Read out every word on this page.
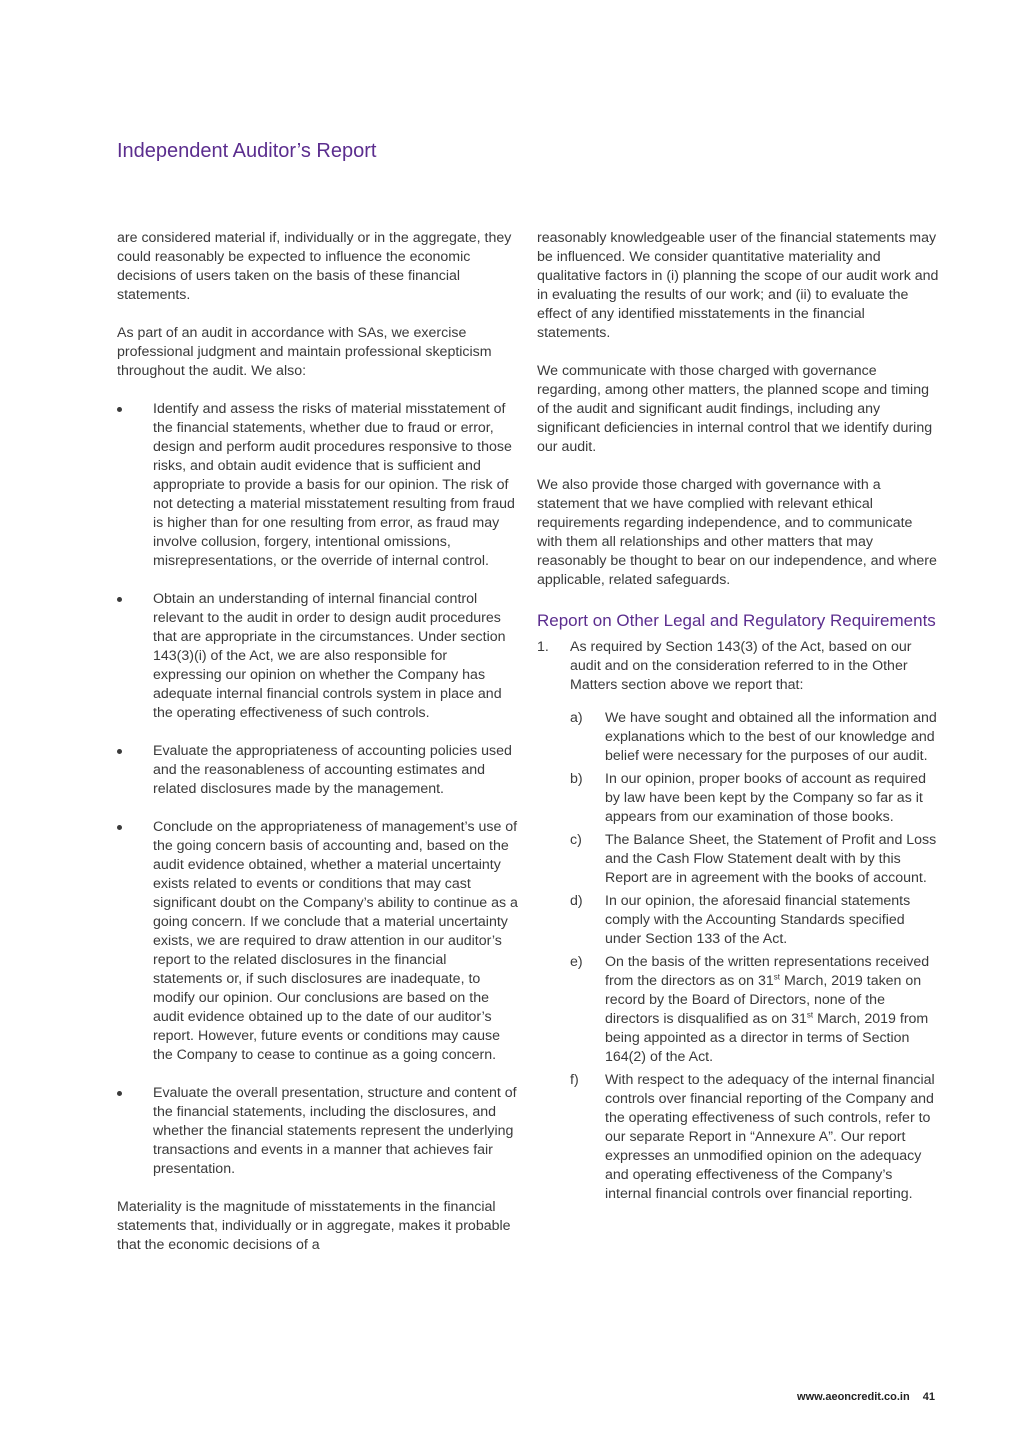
Independent Auditor’s Report

are considered material if, individually or in the aggregate, they could reasonably be expected to influence the economic decisions of users taken on the basis of these financial statements.

As part of an audit in accordance with SAs, we exercise professional judgment and maintain professional skepticism throughout the audit. We also:

Identify and assess the risks of material misstatement of the financial statements, whether due to fraud or error, design and perform audit procedures responsive to those risks, and obtain audit evidence that is sufficient and appropriate to provide a basis for our opinion. The risk of not detecting a material misstatement resulting from fraud is higher than for one resulting from error, as fraud may involve collusion, forgery, intentional omissions, misrepresentations, or the override of internal control.
Obtain an understanding of internal financial control relevant to the audit in order to design audit procedures that are appropriate in the circumstances. Under section 143(3)(i) of the Act, we are also responsible for expressing our opinion on whether the Company has adequate internal financial controls system in place and the operating effectiveness of such controls.
Evaluate the appropriateness of accounting policies used and the reasonableness of accounting estimates and related disclosures made by the management.
Conclude on the appropriateness of management’s use of the going concern basis of accounting and, based on the audit evidence obtained, whether a material uncertainty exists related to events or conditions that may cast significant doubt on the Company’s ability to continue as a going concern. If we conclude that a material uncertainty exists, we are required to draw attention in our auditor’s report to the related disclosures in the financial statements or, if such disclosures are inadequate, to modify our opinion. Our conclusions are based on the audit evidence obtained up to the date of our auditor’s report. However, future events or conditions may cause the Company to cease to continue as a going concern.
Evaluate the overall presentation, structure and content of the financial statements, including the disclosures, and whether the financial statements represent the underlying transactions and events in a manner that achieves fair presentation.

Materiality is the magnitude of misstatements in the financial statements that, individually or in aggregate, makes it probable that the economic decisions of a

reasonably knowledgeable user of the financial statements may be influenced. We consider quantitative materiality and qualitative factors in (i) planning the scope of our audit work and in evaluating the results of our work; and (ii) to evaluate the effect of any identified misstatements in the financial statements.

We communicate with those charged with governance regarding, among other matters, the planned scope and timing of the audit and significant audit findings, including any significant deficiencies in internal control that we identify during our audit.

We also provide those charged with governance with a statement that we have complied with relevant ethical requirements regarding independence, and to communicate with them all relationships and other matters that may reasonably be thought to bear on our independence, and where applicable, related safeguards.

Report on Other Legal and Regulatory Requirements
1. As required by Section 143(3) of the Act, based on our audit and on the consideration referred to in the Other Matters section above we report that:
a) We have sought and obtained all the information and explanations which to the best of our knowledge and belief were necessary for the purposes of our audit.
b) In our opinion, proper books of account as required by law have been kept by the Company so far as it appears from our examination of those books.
c) The Balance Sheet, the Statement of Profit and Loss and the Cash Flow Statement dealt with by this Report are in agreement with the books of account.
d) In our opinion, the aforesaid financial statements comply with the Accounting Standards specified under Section 133 of the Act.
e) On the basis of the written representations received from the directors as on 31st March, 2019 taken on record by the Board of Directors, none of the directors is disqualified as on 31st March, 2019 from being appointed as a director in terms of Section 164(2) of the Act.
f) With respect to the adequacy of the internal financial controls over financial reporting of the Company and the operating effectiveness of such controls, refer to our separate Report in “Annexure A”. Our report expresses an unmodified opinion on the adequacy and operating effectiveness of the Company’s internal financial controls over financial reporting.
www.aeoncredit.co.in 41
